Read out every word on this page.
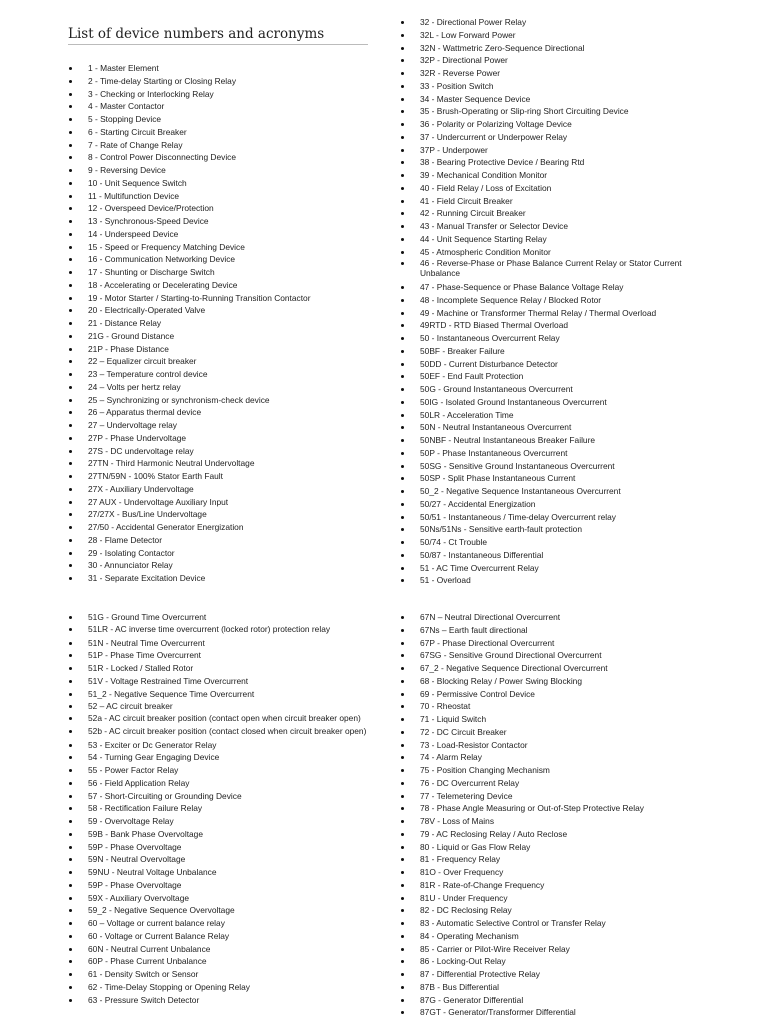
List of device numbers and acronyms
1 - Master Element
2 - Time-delay Starting or Closing Relay
3 - Checking or Interlocking Relay
4 - Master Contactor
5 - Stopping Device
6 - Starting Circuit Breaker
7 - Rate of Change Relay
8 - Control Power Disconnecting Device
9 - Reversing Device
10 - Unit Sequence Switch
11 - Multifunction Device
12 - Overspeed Device/Protection
13 - Synchronous-Speed Device
14 - Underspeed Device
15 - Speed or Frequency Matching Device
16 - Communication Networking Device
17 - Shunting or Discharge Switch
18 - Accelerating or Decelerating Device
19 - Motor Starter / Starting-to-Running Transition Contactor
20 - Electrically-Operated Valve
21 - Distance Relay
21G - Ground Distance
21P - Phase Distance
22 – Equalizer circuit breaker
23 – Temperature control device
24 – Volts per hertz relay
25 – Synchronizing or synchronism-check device
26 – Apparatus thermal device
27 – Undervoltage relay
27P - Phase Undervoltage
27S - DC undervoltage relay
27TN - Third Harmonic Neutral Undervoltage
27TN/59N - 100% Stator Earth Fault
27X - Auxiliary Undervoltage
27 AUX - Undervoltage Auxiliary Input
27/27X - Bus/Line Undervoltage
27/50 - Accidental Generator Energization
28 - Flame Detector
29 - Isolating Contactor
30 - Annunciator Relay
31 - Separate Excitation Device
32 - Directional Power Relay
32L - Low Forward Power
32N - Wattmetric Zero-Sequence Directional
32P - Directional Power
32R - Reverse Power
33 - Position Switch
34 - Master Sequence Device
35 - Brush-Operating or Slip-ring Short Circuiting Device
36 - Polarity or Polarizing Voltage Device
37 - Undercurrent or Underpower Relay
37P - Underpower
38 - Bearing Protective Device / Bearing Rtd
39 - Mechanical Condition Monitor
40 - Field Relay / Loss of Excitation
41 - Field Circuit Breaker
42 - Running Circuit Breaker
43 - Manual Transfer or Selector Device
44 - Unit Sequence Starting Relay
45 - Atmospheric Condition Monitor
46 - Reverse-Phase or Phase Balance Current Relay or Stator Current Unbalance
47 - Phase-Sequence or Phase Balance Voltage Relay
48 - Incomplete Sequence Relay / Blocked Rotor
49 - Machine or Transformer Thermal Relay / Thermal Overload
49RTD - RTD Biased Thermal Overload
50 - Instantaneous Overcurrent Relay
50BF - Breaker Failure
50DD - Current Disturbance Detector
50EF - End Fault Protection
50G - Ground Instantaneous Overcurrent
50IG - Isolated Ground Instantaneous Overcurrent
50LR - Acceleration Time
50N - Neutral Instantaneous Overcurrent
50NBF - Neutral Instantaneous Breaker Failure
50P - Phase Instantaneous Overcurrent
50SG - Sensitive Ground Instantaneous Overcurrent
50SP - Split Phase Instantaneous Current
50_2 - Negative Sequence Instantaneous Overcurrent
50/27 - Accidental Energization
50/51 - Instantaneous / Time-delay Overcurrent relay
50Ns/51Ns - Sensitive earth-fault protection
50/74 - Ct Trouble
50/87 - Instantaneous Differential
51 - AC Time Overcurrent Relay
51 - Overload
51G - Ground Time Overcurrent
51LR - AC inverse time overcurrent (locked rotor) protection relay
51N - Neutral Time Overcurrent
51P - Phase Time Overcurrent
51R - Locked / Stalled Rotor
51V - Voltage Restrained Time Overcurrent
51_2 - Negative Sequence Time Overcurrent
52 – AC circuit breaker
52a - AC circuit breaker position (contact open when circuit breaker open)
52b - AC circuit breaker position (contact closed when circuit breaker open)
53 - Exciter or Dc Generator Relay
54 - Turning Gear Engaging Device
55 - Power Factor Relay
56 - Field Application Relay
57 - Short-Circuiting or Grounding Device
58 - Rectification Failure Relay
59 - Overvoltage Relay
59B - Bank Phase Overvoltage
59P - Phase Overvoltage
59N - Neutral Overvoltage
59NU - Neutral Voltage Unbalance
59P - Phase Overvoltage
59X - Auxiliary Overvoltage
59_2 - Negative Sequence Overvoltage
60 – Voltage or current balance relay
60 - Voltage or Current Balance Relay
60N - Neutral Current Unbalance
60P - Phase Current Unbalance
61 - Density Switch or Sensor
62 - Time-Delay Stopping or Opening Relay
63 - Pressure Switch Detector
67N – Neutral Directional Overcurrent
67Ns – Earth fault directional
67P - Phase Directional Overcurrent
67SG - Sensitive Ground Directional Overcurrent
67_2 - Negative Sequence Directional Overcurrent
68 - Blocking Relay / Power Swing Blocking
69 - Permissive Control Device
70 - Rheostat
71 - Liquid Switch
72 - DC Circuit Breaker
73 - Load-Resistor Contactor
74 - Alarm Relay
75 - Position Changing Mechanism
76 - DC Overcurrent Relay
77 - Telemetering Device
78 - Phase Angle Measuring or Out-of-Step Protective Relay
78V - Loss of Mains
79 - AC Reclosing Relay / Auto Reclose
80 - Liquid or Gas Flow Relay
81 - Frequency Relay
81O - Over Frequency
81R - Rate-of-Change Frequency
81U - Under Frequency
82 - DC Reclosing Relay
83 - Automatic Selective Control or Transfer Relay
84 - Operating Mechanism
85 - Carrier or Pilot-Wire Receiver Relay
86 - Locking-Out Relay
87 - Differential Protective Relay
87B - Bus Differential
87G - Generator Differential
87GT - Generator/Transformer Differential
